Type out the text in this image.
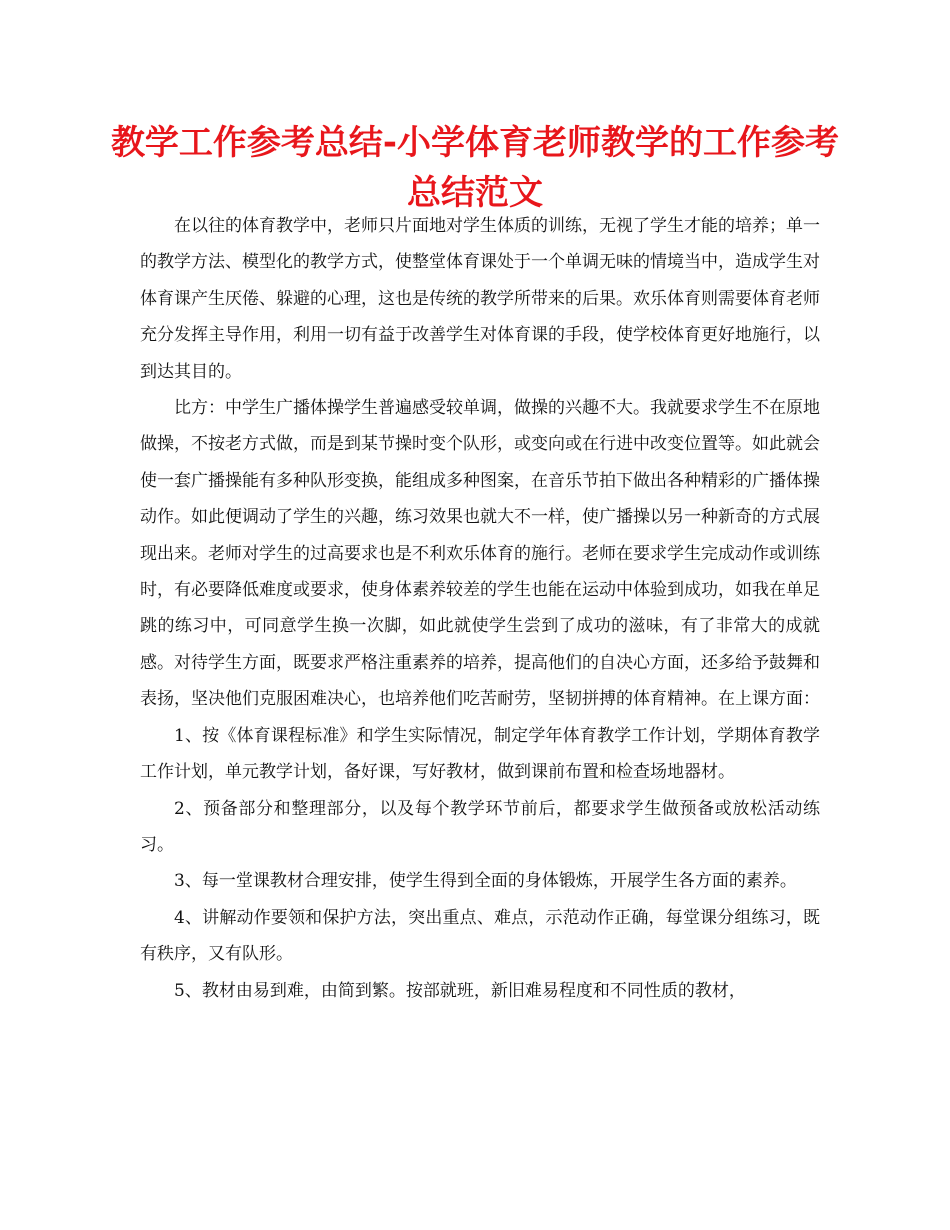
教学工作参考总结-小学体育老师教学的工作参考
总结范文

在以往的体育教学中，老师只片面地对学生体质的训练，无视了学生才能的培养；单一的教学方法、模型化的教学方式，使整堂体育课处于一个单调无味的情境当中，造成学生对体育课产生厌倦、躲避的心理，这也是传统的教学所带来的后果。欢乐体育则需要体育老师充分发挥主导作用，利用一切有益于改善学生对体育课的手段，使学校体育更好地施行，以到达其目的。

比方：中学生广播体操学生普遍感受较单调，做操的兴趣不大。我就要求学生不在原地做操，不按老方式做，而是到某节操时变个队形，或变向或在行进中改变位置等。如此就会使一套广播操能有多种队形变换，能组成多种图案，在音乐节拍下做出各种精彩的广播体操动作。如此便调动了学生的兴趣，练习效果也就大不一样，使广播操以另一种新奇的方式展现出来。老师对学生的过高要求也是不利欢乐体育的施行。老师在要求学生完成动作或训练时，有必要降低难度或要求，使身体素养较差的学生也能在运动中体验到成功，如我在单足跳的练习中，可同意学生换一次脚，如此就使学生尝到了成功的滋味，有了非常大的成就感。对待学生方面，既要求严格注重素养的培养，提高他们的自决心方面，还多给予鼓舞和表扬，坚决他们克服困难决心，也培养他们吃苦耐劳，坚韧拼搏的体育精神。在上课方面：

1、按《体育课程标准》和学生实际情况，制定学年体育教学工作计划，学期体育教学工作计划，单元教学计划，备好课，写好教材，做到课前布置和检查场地器材。

2、预备部分和整理部分，以及每个教学环节前后，都要求学生做预备或放松活动练习。

3、每一堂课教材合理安排，使学生得到全面的身体锻炼，开展学生各方面的素养。

4、讲解动作要领和保护方法，突出重点、难点，示范动作正确，每堂课分组练习，既有秩序，又有队形。

5、教材由易到难，由简到繁。按部就班，新旧难易程度和不同性质的教材，
